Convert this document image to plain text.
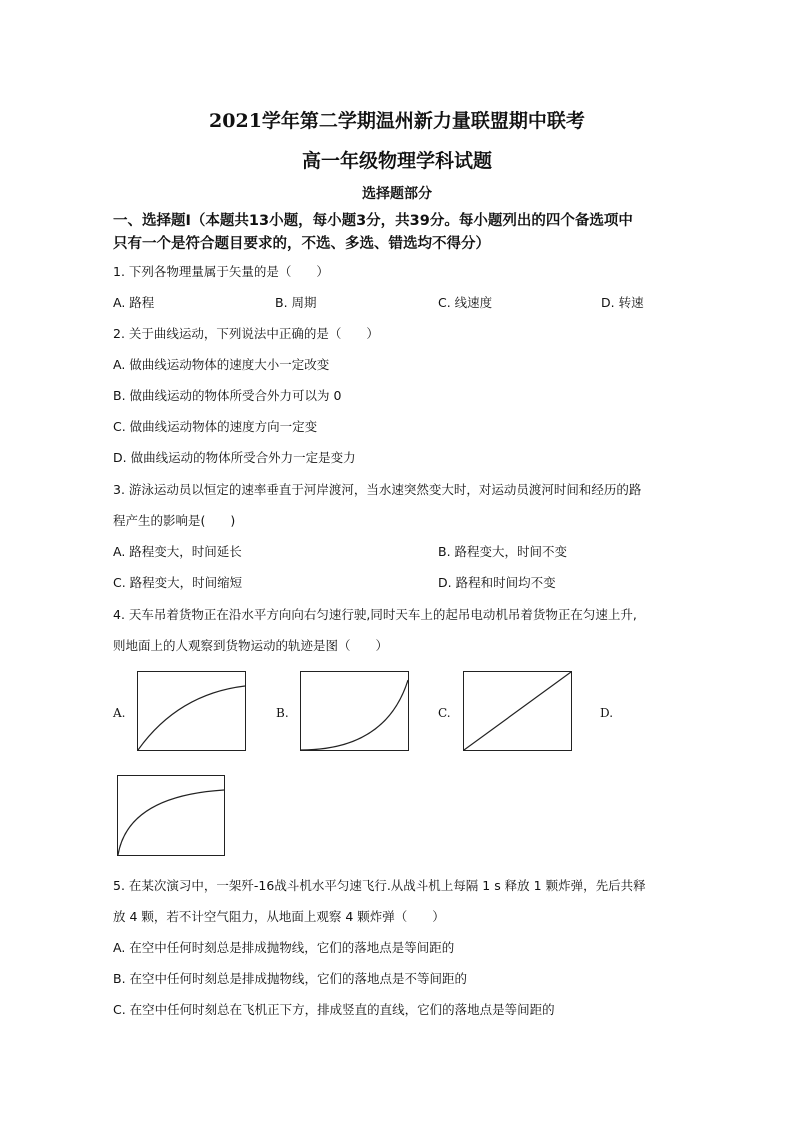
2021学年第二学期温州新力量联盟期中联考
高一年级物理学科试题
选择题部分
一、选择题Ⅰ（本题共13小题，每小题3分，共39分。每小题列出的四个备选项中
只有一个是符合题目要求的，不选、多选、错选均不得分）
1. 下列各物理量属于矢量的是（　　）
A. 路程	B. 周期	C. 线速度	D. 转速
2. 关于曲线运动，下列说法中正确的是（　　）
A. 做曲线运动物体的速度大小一定改变
B. 做曲线运动的物体所受合外力可以为 0
C. 做曲线运动物体的速度方向一定变
D. 做曲线运动的物体所受合外力一定是变力
3. 游泳运动员以恒定的速率垂直于河岸渡河，当水速突然变大时，对运动员渡河时间和经历的路
程产生的影响是(　　)
A. 路程变大，时间延长	B. 路程变大，时间不变
C. 路程变大，时间缩短	D. 路程和时间均不变
4. 天车吊着货物正在沿水平方向向右匀速行驶,同时天车上的起吊电动机吊着货物正在匀速上升,
则地面上的人观察到货物运动的轨迹是图（　　）
A.	B.	C.	D.
5. 在某次演习中，一架歼-16战斗机水平匀速飞行.从战斗机上每隔 1 s 释放 1 颗炸弹，先后共释
放 4 颗，若不计空气阻力，从地面上观察 4 颗炸弹（　　）
A. 在空中任何时刻总是排成抛物线，它们的落地点是等间距的
B. 在空中任何时刻总是排成抛物线，它们的落地点是不等间距的
C. 在空中任何时刻总在飞机正下方，排成竖直的直线，它们的落地点是等间距的
